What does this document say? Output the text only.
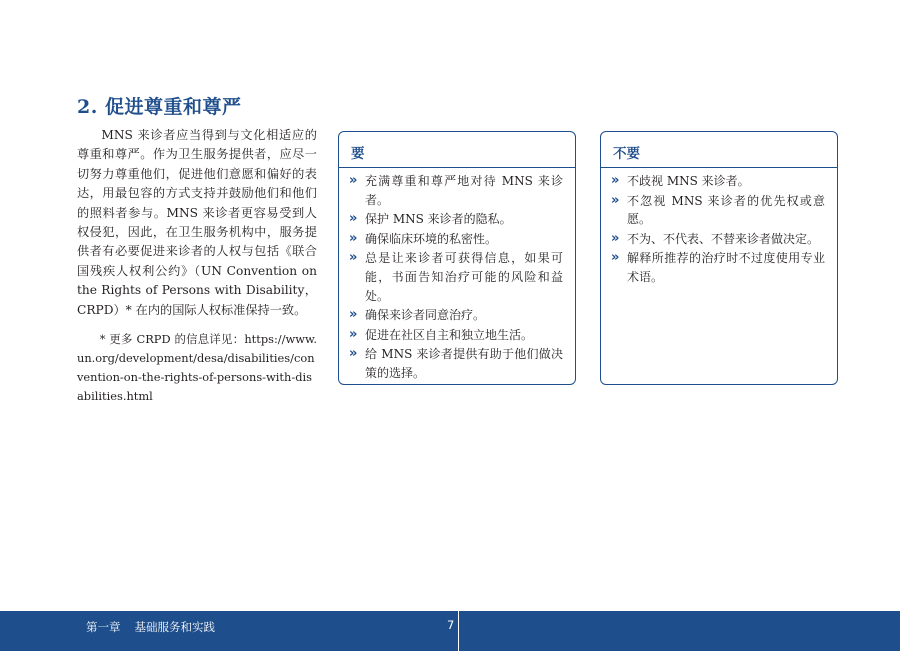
2. 促进尊重和尊严

MNS 来诊者应当得到与文化相适应的尊重和尊严。作为卫生服务提供者，应尽一切努力尊重他们，促进他们意愿和偏好的表达，用最包容的方式支持并鼓励他们和他们的照料者参与。MNS 来诊者更容易受到人权侵犯，因此，在卫生服务机构中，服务提供者有必要促进来诊者的人权与包括《联合国残疾人权利公约》（UN Convention on the Rights of Persons with Disability，CRPD）* 在内的国际人权标准保持一致。

* 更多 CRPD 的信息详见：https://www.un.org/development/desa/disabilities/convention-on-the-rights-of-persons-with-disabilities.html

要
» 充满尊重和尊严地对待 MNS 来诊者。
» 保护 MNS 来诊者的隐私。
» 确保临床环境的私密性。
» 总是让来诊者可获得信息，如果可能，书面告知治疗可能的风险和益处。
» 确保来诊者同意治疗。
» 促进在社区自主和独立地生活。
» 给 MNS 来诊者提供有助于他们做决策的选择。
不要
» 不歧视 MNS 来诊者。
» 不忽视 MNS 来诊者的优先权或意愿。
» 不为、不代表、不替来诊者做决定。
» 解释所推荐的治疗时不过度使用专业术语。
第一章 基础服务和实践	7
